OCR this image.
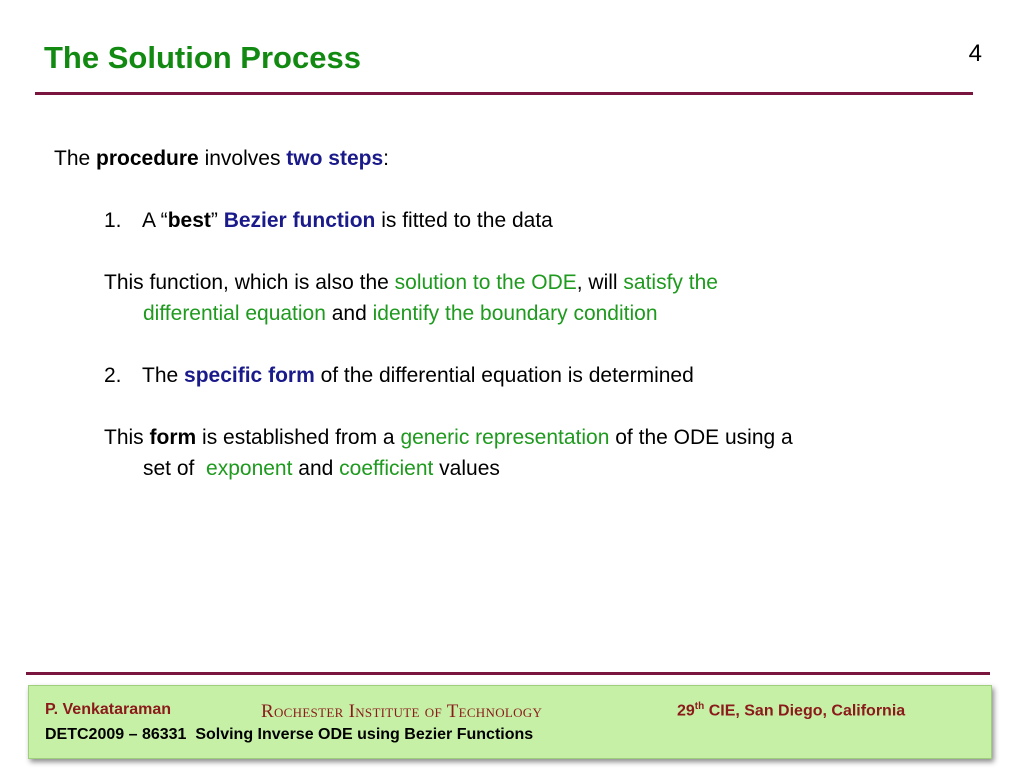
The Solution Process	4
The procedure involves two steps:
1. A “best” Bezier function is fitted to the data
This function, which is also the solution to the ODE, will satisfy the
differential equation and identify the boundary condition
2. The specific form of the differential equation is determined
This form is established from a generic representation of the ODE using a
set of  exponent and coefficient values
P. Venkataraman	Rochester Institute of Technology	29th CIE, San Diego, California
DETC2009 – 86331  Solving Inverse ODE using Bezier Functions
